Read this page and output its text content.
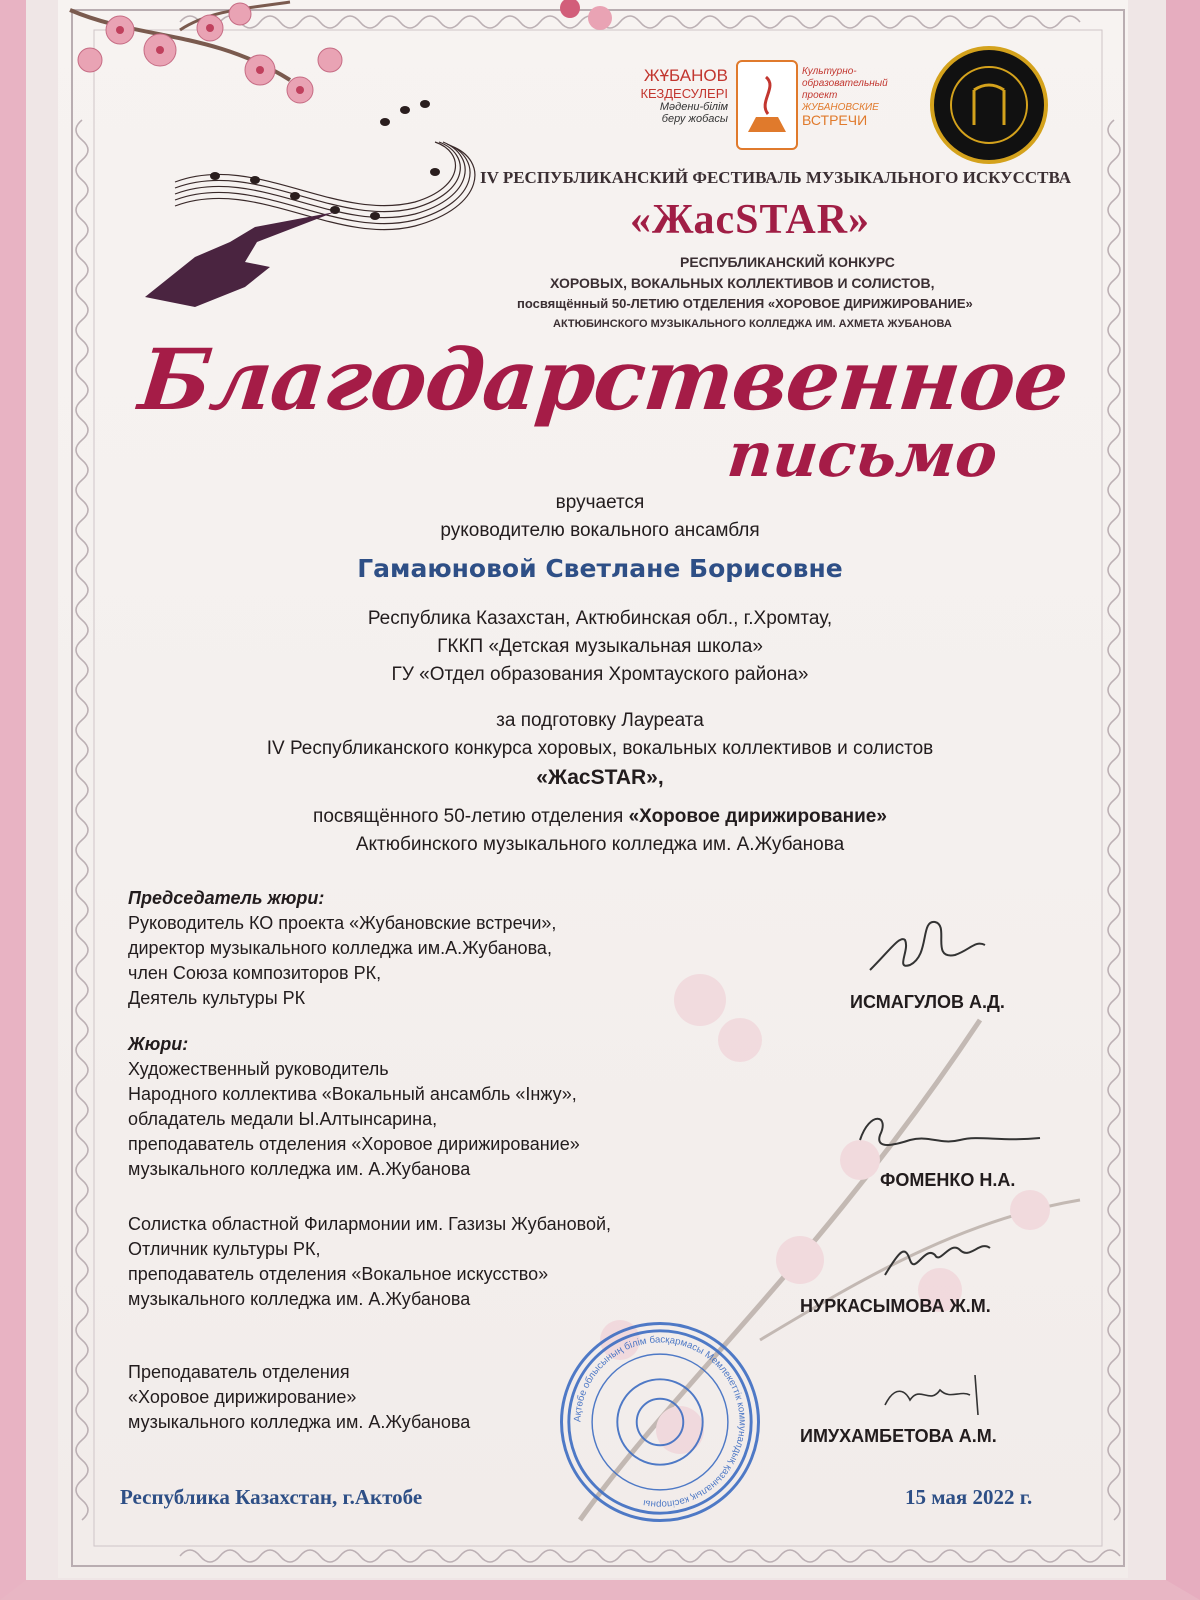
ЖҰБАНОВ
КЕЗДЕСУЛЕРІ
Мәдени-білім
беру жобасы
Культурно-
образовательный
проект
ЖУБАНОВСКИЕ
ВСТРЕЧИ
IV РЕСПУБЛИКАНСКИЙ ФЕСТИВАЛЬ МУЗЫКАЛЬНОГО ИСКУССТВА
«ЖасSTAR»
РЕСПУБЛИКАНСКИЙ КОНКУРС
ХОРОВЫХ, ВОКАЛЬНЫХ КОЛЛЕКТИВОВ И СОЛИСТОВ,
посвящённый 50-ЛЕТИЮ ОТДЕЛЕНИЯ «ХОРОВОЕ ДИРИЖИРОВАНИЕ»
АКТЮБИНСКОГО МУЗЫКАЛЬНОГО КОЛЛЕДЖА ИМ. АХМЕТА ЖУБАНОВА
Благодарственное
письмо
вручается
руководителю вокального ансамбля
Гамаюновой Светлане Борисовне
Республика Казахстан, Актюбинская обл., г.Хромтау,
ГККП «Детская музыкальная школа»
ГУ «Отдел образования Хромтауского района»
за подготовку Лауреата
IV Республиканского конкурса хоровых, вокальных коллективов и солистов
«ЖасSTAR»,
посвящённого 50-летию отделения «Хоровое дирижирование»
Актюбинского музыкального колледжа им. А.Жубанова
Председатель жюри:
Руководитель КО проекта «Жубановские встречи»,
директор музыкального колледжа им.А.Жубанова,
член Союза композиторов РК,
Деятель культуры РК	ИСМАГУЛОВ А.Д.
Жюри:
Художественный руководитель
Народного коллектива «Вокальный ансамбль «Інжу»,
обладатель медали Ы.Алтынсарина,
преподаватель отделения «Хоровое дирижирование»
музыкального колледжа им. А.Жубанова
ФОМЕНКО Н.А.
Солистка областной Филармонии им. Газизы Жубановой,
Отличник культуры РК,
преподаватель отделения «Вокальное искусство»
музыкального колледжа им. А.Жубанова	НУРКАСЫМОВА Ж.М.
Преподаватель отделения
«Хоровое дирижирование»
музыкального колледжа им. А.Жубанова
ИМУХАМБЕТОВА А.М.
Ақтөбе облысының білім басқармасы Мемлекеттік коммуналдық қазыналық кәсіпорны
Республика Казахстан, г.Актобе	15 мая 2022 г.
